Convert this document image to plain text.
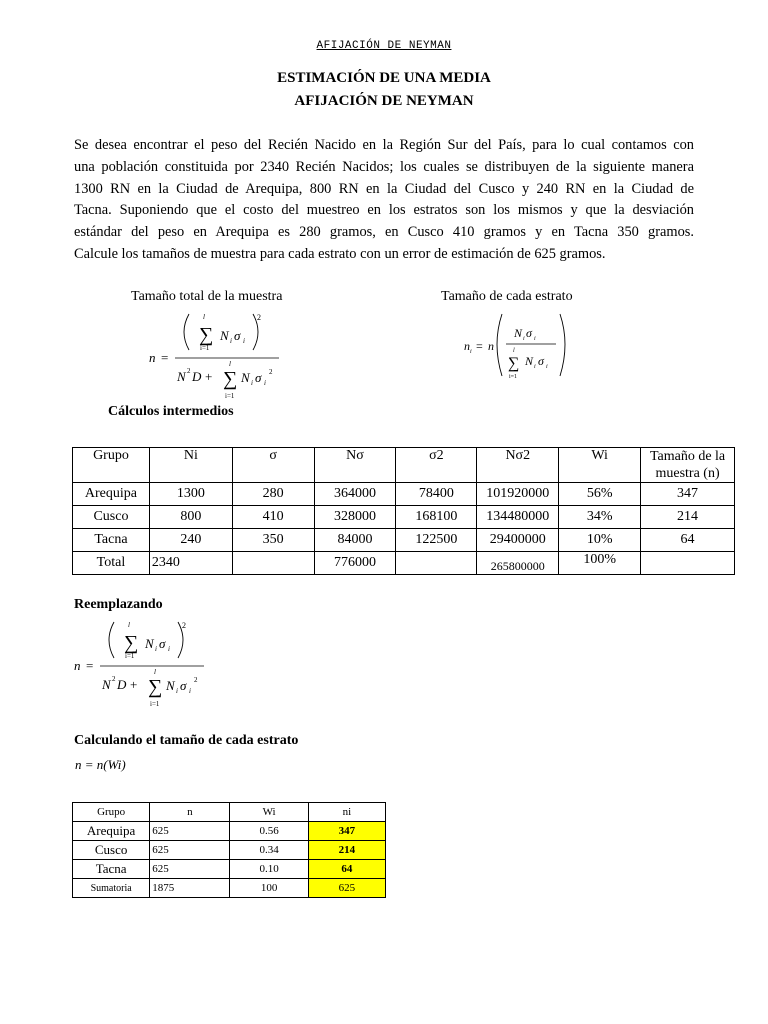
AFIJACIÓN DE NEYMAN
ESTIMACIÓN DE UNA MEDIA
AFIJACIÓN DE NEYMAN
Se desea encontrar el peso del Recién Nacido en la Región Sur del País, para lo cual contamos con
una población constituida por 2340 Recién Nacidos; los cuales se distribuyen de la siguiente manera
1300 RN en la Ciudad de Arequipa, 800 RN en la Ciudad del Cusco y 240 RN en la Ciudad de
Tacna. Suponiendo que el costo del muestreo en los estratos son los mismos y que la desviación
estándar del peso en Arequipa es 280 gramos, en Cusco 410 gramos y en Tacna 350 gramos.
Calcule los tamaños de muestra para cada estrato con un error de estimación de 625 gramos.
Tamaño total de la muestra	Tamaño de cada estrato
n =
l
∑
i=1
N i σ i
2
N 2 D +
l
∑
i=1
N i σ i
2
n i = n
N i σ i
l
∑
i=1
N i σ i
Cálculos intermedios
Grupo	Ni	σ	Nσ	σ2	Nσ2	Wi	Tamaño de la muestra (n)
Arequipa	1300	280	364000	78400	101920000	56%	347
Cusco	800	410	328000	168100	134480000	34%	214
Tacna	240	350	84000	122500	29400000	10%	64
Total	2340		776000		265800000	100%	
Reemplazando
n =
l
∑
i=1
N i σ i
2
N 2 D +
l
∑
i=1
N i σ i
2
Calculando el tamaño de cada estrato
n = n(Wi)
Grupo	n	Wi	ni
Arequipa	625	0.56	347
Cusco	625	0.34	214
Tacna	625	0.10	64
Sumatoria	1875	100	625
